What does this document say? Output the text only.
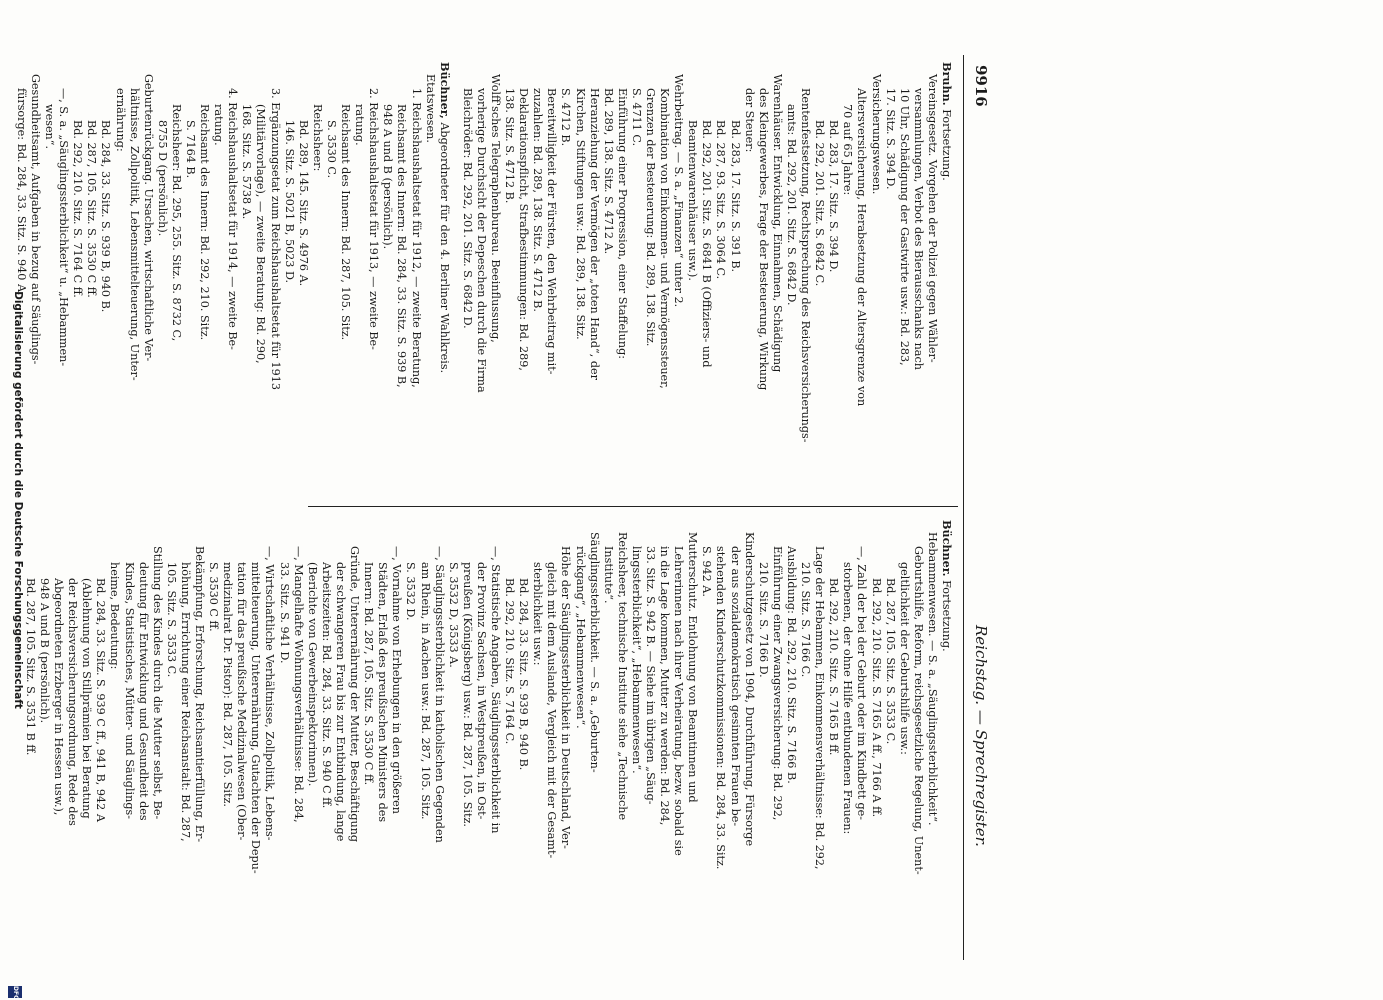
9916
Reichstag. — Sprechregister.

Bruhn. Fortsetzung.

Vereinsgesetz. Vorgehen der Polizei gegen Wähler-

versammlungen, Verbot des Bierausschanks nach

10 Uhr, Schädigung der Gastwirte usw.: Bd. 283,

17. Sitz. S. 394 D.

Versicherungswesen.

Altersversicherung, Herabsetzung der Altersgrenze von

70 auf 65 Jahre:

Bd. 283, 17. Sitz. S. 394 D.

Bd. 292, 201. Sitz. S. 6842 C.

Rentenfestsetzung, Rechtsprechung des Reichsversicherungs-

amts: Bd. 292, 201. Sitz. S. 6842 D.

Warenhäuser. Entwicklung, Einnahmen, Schädigung

des Kleingewerbes, Frage der Besteuerung, Wirkung

der Steuer:

Bd. 283, 17. Sitz. S. 391 B.

Bd. 287, 93. Sitz. S. 3064 C.

Bd. 292, 201. Sitz. S. 6841 B (Offiziers- und

Beamtenwarenhäuser usw.).

Wehrbeitrag. — S. a. „Finanzen“ unter 2.

Kombination von Einkommen- und Vermögenssteuer,

Grenzen der Besteuerung: Bd. 289, 138. Sitz.

S. 4711 C.

Einführung einer Progression, einer Staffelung:

Bd. 289, 138. Sitz. S. 4712 A.

Heranziehung der Vermögen der „toten Hand“, der

Kirchen, Stiftungen usw.: Bd. 289, 138. Sitz.

S. 4712 B.

Bereitwilligkeit der Fürsten, den Wehrbeitrag mit-

zuzahlen: Bd. 289, 138. Sitz. S. 4712 B.

Deklarationspflicht, Strafbestimmungen: Bd. 289,

138. Sitz. S. 4712 B.

Wolff'sches Telegraphenbureau. Beeinflussung,

vorherige Durchsicht der Depeschen durch die Firma

Bleichröder: Bd. 292, 201. Sitz. S. 6842 D.

Büchner, Abgeordneter für den 4. Berliner Wahlkreis.

Etatswesen.

1. Reichshaushaltsetat für 1912, — zweite Beratung,

Reichsamt des Innern: Bd. 284, 33. Sitz. S. 939 B,

948 A und B (persönlich).

2. Reichshaushaltsetat für 1913, — zweite Be-

ratung.

Reichsamt des Innern: Bd. 287, 105. Sitz.

S. 3530 C.

Reichsheer:

Bd. 289, 145. Sitz. S. 4976 A.

146. Sitz. S. 5021 B, 5023 D.

3. Ergänzungsetat zum Reichshaushaltsetat für 1913

(Militärvorlage), — zweite Beratung: Bd. 290,

168. Sitz. S. 5738 A.

4. Reichshaushaltsetat für 1914, — zweite Be-

ratung.

Reichsamt des Innern: Bd. 292, 210. Sitz.

S. 7164 B.

Reichsheer: Bd. 295, 255. Sitz. S. 8732 C,

8755 D (persönlich).

Geburtenrückgang. Ursachen, wirtschaftliche Ver-

hältnisse, Zollpolitik, Lebensmittelteuerung, Unter-

ernährung:

Bd. 284, 33. Sitz. S. 939 B, 940 B.

Bd. 287, 105. Sitz. S. 3530 C ff.

Bd. 292, 210. Sitz. S. 7164 C ff.

—, S. a. „Säuglingssterblichkeit“ u. „Hebammen-

wesen“.

Gesundheitsamt, Aufgaben in bezug auf Säuglings-

fürsorge: Bd. 284, 33. Sitz. S. 940 A.

Büchner. Fortsetzung.

Hebammenwesen. — S. a. „Säuglingssterblichkeit“.

Geburtshilfe, Reform, reichsgesetzliche Regelung, Unent-

geltlichkeit der Geburtshilfe usw.:

Bd. 287, 105. Sitz. S. 3533 C.

Bd. 292, 210. Sitz. S. 7165 A ff., 7166 A ff.

—, Zahl der bei der Geburt oder im Kindbett ge-

storbenen, der ohne Hilfe entbundenen Frauen:

Bd. 292, 210. Sitz. S. 7165 B ff.

Lage der Hebammen, Einkommensverhältnisse: Bd. 292,

210. Sitz. S. 7166 C.

Ausbildung: Bd. 292, 210. Sitz. S. 7166 B.

Einführung einer Zwangsversicherung: Bd. 292,

210. Sitz. S. 7166 D.

Kinderschutzgesetz von 1904, Durchführung, Fürsorge

der aus sozialdemokratisch gesinnten Frauen be-

stehenden Kinderschutzkommissionen: Bd. 284, 33. Sitz.

S. 942 A.

Mutterschutz. Entlohnung von Beamtinnen und

Lehrerinnen nach ihrer Verheiratung, bezw. sobald sie

in die Lage kommen, Mutter zu werden: Bd. 284,

33. Sitz. S. 942 B. — Siehe im übrigen „Säug-

lingssterblichkeit“, „Hebammenwesen“.

Reichsheer, technische Institute siehe „Technische

Institute“.

Säuglingssterblichkeit. — S. a. „Geburten-

rückgang“, „Hebammenwesen“.

Höhe der Säuglingssterblichkeit in Deutschland, Ver-

gleich mit dem Auslande, Vergleich mit der Gesamt-

sterblichkeit usw.:

Bd. 284, 33. Sitz. S. 939 B, 940 B.

Bd. 292, 210. Sitz. S. 7164 C.

—, Statistische Angaben, Säuglingssterblichkeit in

der Provinz Sachsen, in Westpreußen, in Ost-

preußen (Königsberg) usw.: Bd. 287, 105. Sitz.

S. 3532 D, 3533 A.

—, Säuglingssterblichkeit in katholischen Gegenden

am Rhein, in Aachen usw.: Bd. 287, 105. Sitz.

S. 3532 D.

—, Vornahme von Erhebungen in den größeren

Städten, Erlaß des preußischen Ministers des

Innern: Bd. 287, 105. Sitz. S. 3530 C ff.

Gründe, Unterernährung der Mutter, Beschäftigung

der schwangeren Frau bis zur Entbindung, lange

Arbeitszeiten: Bd. 284, 33. Sitz. S. 940 C ff.

(Berichte von Gewerbeinspektorinnen).

—, Mangelhafte Wohnungsverhältnisse: Bd. 284,

33. Sitz. S. 941 D.

—, Wirtschaftliche Verhältnisse, Zollpolitik, Lebens-

mittelteuerung, Unterernährung, Gutachten der Depu-

tation für das preußische Medizinalwesen (Ober-

medizinalrat Dr. Pistor): Bd. 287, 105. Sitz.

S. 3530 C ff.

Bekämpfung, Erforschung, Reichsamtierfüllung, Er-

höhung, Errichtung einer Reichsanstalt: Bd. 287,

105. Sitz. S. 3533 C.

Stillung des Kindes durch die Mutter selbst, Be-

deutung für Entwicklung und Gesundheit des

Kindes, Statistisches, Mütter- und Säuglings-

heime, Bedeutung:

Bd. 284, 33. Sitz. S. 939 C ff., 941 B, 942 A

(Ablehnung von Stillprämien bei Beratung

der Reichsversicherungsordnung, Rede des

Abgeordneten Erzberger in Hessen usw.),

948 A und B (persönlich).

Bd. 287, 105. Sitz. S. 3531 B ff.

Digitalisierung gefördert durch die Deutsche Forschungsgemeinschaft
DFG
